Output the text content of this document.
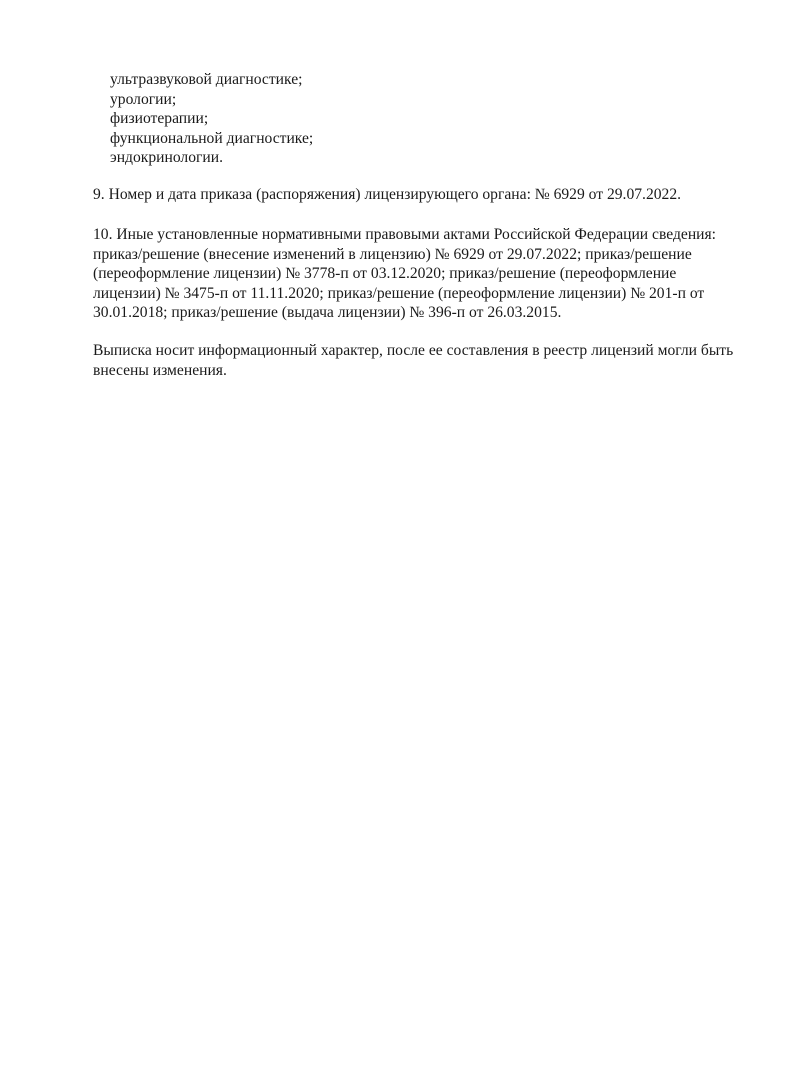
ультразвуковой диагностике;
урологии;
физиотерапии;
функциональной диагностике;
эндокринологии.

9. Номер и дата приказа (распоряжения) лицензирующего органа: № 6929 от 29.07.2022.

10. Иные установленные нормативными правовыми актами Российской Федерации сведения:
приказ/решение (внесение изменений в лицензию) № 6929 от 29.07.2022; приказ/решение
(переоформление лицензии) № 3778-п от 03.12.2020; приказ/решение (переоформление
лицензии) № 3475-п от 11.11.2020; приказ/решение (переоформление лицензии) № 201-п от
30.01.2018; приказ/решение (выдача лицензии) № 396-п от 26.03.2015.

Выписка носит информационный характер, после ее составления в реестр лицензий могли быть
внесены изменения.
